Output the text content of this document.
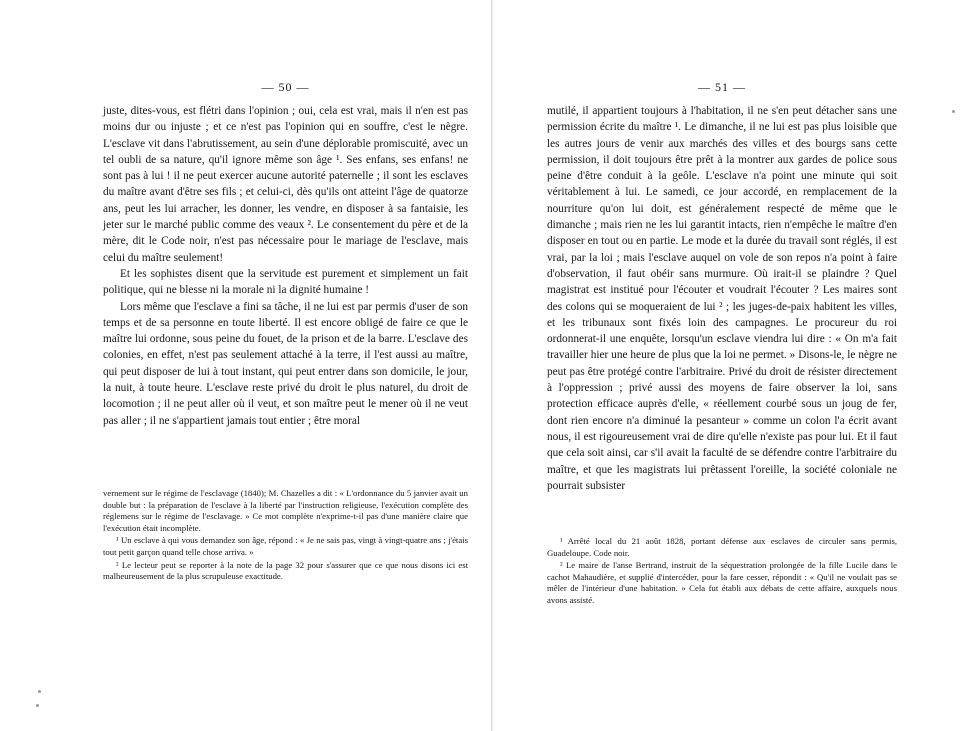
— 50 —

juste, dites-vous, est flétri dans l'opinion ; oui, cela est vrai, mais il n'en est pas moins dur ou injuste ; et ce n'est pas l'opinion qui en souffre, c'est le nègre. L'esclave vit dans l'abrutissement, au sein d'une déplorable promiscuité, avec un tel oubli de sa nature, qu'il ignore même son âge ¹. Ses enfans, ses enfans! ne sont pas à lui ! il ne peut exercer aucune autorité paternelle ; il sont les esclaves du maître avant d'être ses fils ; et celui-ci, dès qu'ils ont atteint l'âge de quatorze ans, peut les lui arracher, les donner, les vendre, en disposer à sa fantaisie, les jeter sur le marché public comme des veaux ². Le consentement du père et de la mère, dit le Code noir, n'est pas nécessaire pour le mariage de l'esclave, mais celui du maître seulement!

Et les sophistes disent que la servitude est purement et simplement un fait politique, qui ne blesse ni la morale ni la dignité humaine !

Lors même que l'esclave a fini sa tâche, il ne lui est par permis d'user de son temps et de sa personne en toute liberté. Il est encore obligé de faire ce que le maître lui ordonne, sous peine du fouet, de la prison et de la barre. L'esclave des colonies, en effet, n'est pas seulement attaché à la terre, il l'est aussi au maître, qui peut disposer de lui à tout instant, qui peut entrer dans son domicile, le jour, la nuit, à toute heure. L'esclave reste privé du droit le plus naturel, du droit de locomotion ; il ne peut aller où il veut, et son maître peut le mener où il ne veut pas aller ; il ne s'appartient jamais tout entier ; être moral

vernement sur le régime de l'esclavage (1840); M. Chazelles a dit : « L'ordonnance du 5 janvier avait un double but : la préparation de l'esclave à la liberté par l'instruction religieuse, l'exécution complète des réglemens sur le régime de l'esclavage. » Ce mot complète n'exprime-t-il pas d'une manière claire que l'exécution était incomplète.

¹ Un esclave à qui vous demandez son âge, répond : « Je ne sais pas, vingt à vingt-quatre ans ; j'étais tout petit garçon quand telle chose arriva. »

² Le lecteur peut se reporter à la note de la page 32 pour s'assurer que ce que nous disons ici est malheureusement de la plus scrupuleuse exactitude.

— 51 —

mutilé, il appartient toujours à l'habitation, il ne s'en peut détacher sans une permission écrite du maître ¹. Le dimanche, il ne lui est pas plus loisible que les autres jours de venir aux marchés des villes et des bourgs sans cette permission, il doit toujours être prêt à la montrer aux gardes de police sous peine d'être conduit à la geôle. L'esclave n'a point une minute qui soit véritablement à lui. Le samedi, ce jour accordé, en remplacement de la nourriture qu'on lui doit, est généralement respecté de même que le dimanche ; mais rien ne les lui garantit intacts, rien n'empêche le maître d'en disposer en tout ou en partie. Le mode et la durée du travail sont réglés, il est vrai, par la loi ; mais l'esclave auquel on vole de son repos n'a point à faire d'observation, il faut obéir sans murmure. Où irait-il se plaindre ? Quel magistrat est institué pour l'écouter et voudrait l'écouter ? Les maires sont des colons qui se moqueraient de lui ² ; les juges-de-paix habitent les villes, et les tribunaux sont fixés loin des campagnes. Le procureur du roi ordonnerat-il une enquête, lorsqu'un esclave viendra lui dire : « On m'a fait travailler hier une heure de plus que la loi ne permet. » Disons-le, le nègre ne peut pas être protégé contre l'arbitraire. Privé du droit de résister directement à l'oppression ; privé aussi des moyens de faire observer la loi, sans protection efficace auprès d'elle, « réellement courbé sous un joug de fer, dont rien encore n'a diminué la pesanteur » comme un colon l'a écrit avant nous, il est rigoureusement vrai de dire qu'elle n'existe pas pour lui. Et il faut que cela soit ainsi, car s'il avait la faculté de se défendre contre l'arbitraire du maître, et que les magistrats lui prêtassent l'oreille, la société coloniale ne pourrait subsister

¹ Arrêté local du 21 août 1828, portant défense aux esclaves de circuler sans permis, Guadeloupe. Code noir.

² Le maire de l'anse Bertrand, instruit de la séquestration prolongée de la fille Lucile dans le cachot Mahaudière, et supplié d'intercéder, pour la fare cesser, répondit : « Qu'il ne voulait pas se mêler de l'intérieur d'une habitation. » Cela fut établi aux débats de cette affaire, auxquels nous avons assisté.
